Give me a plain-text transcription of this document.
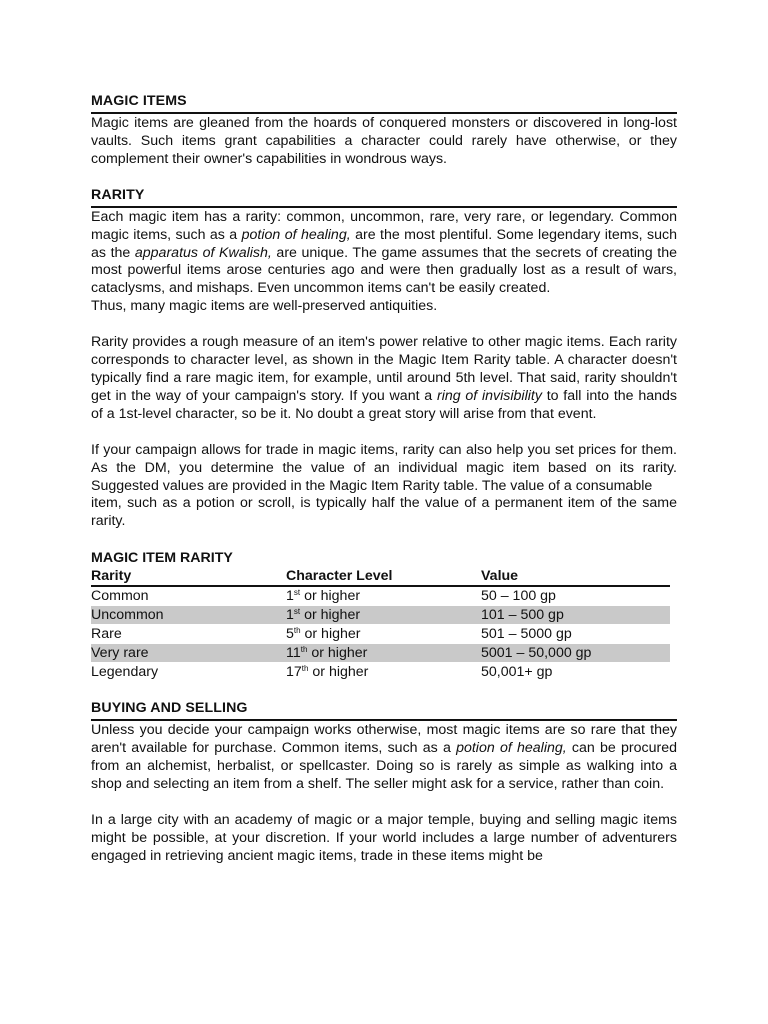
MAGIC ITEMS

Magic items are gleaned from the hoards of conquered monsters or discovered in long-lost vaults. Such items grant capabilities a character could rarely have otherwise, or they complement their owner's capabilities in wondrous ways.

RARITY

Each magic item has a rarity: common, uncommon, rare, very rare, or legendary. Common magic items, such as a potion of healing, are the most plentiful. Some legendary items, such as the apparatus of Kwalish, are unique. The game assumes that the secrets of creating the most powerful items arose centuries ago and were then gradually lost as a result of wars, cataclysms, and mishaps. Even uncommon items can't be easily created.

Thus, many magic items are well-preserved antiquities.

Rarity provides a rough measure of an item's power relative to other magic items. Each rarity corresponds to character level, as shown in the Magic Item Rarity table. A character doesn't typically find a rare magic item, for example, until around 5th level. That said, rarity shouldn't get in the way of your campaign's story. If you want a ring of invisibility to fall into the hands of a 1st-level character, so be it. No doubt a great story will arise from that event.

If your campaign allows for trade in magic items, rarity can also help you set prices for them. As the DM, you determine the value of an individual magic item based on its rarity. Suggested values are provided in the Magic Item Rarity table. The value of a consumable

item, such as a potion or scroll, is typically half the value of a permanent item of the same rarity.

MAGIC ITEM RARITY
Rarity	Character Level	Value
Common	1st or higher	50 – 100 gp
Uncommon	1st or higher	101 – 500 gp
Rare	5th or higher	501 – 5000 gp
Very rare	11th or higher	5001 – 50,000 gp
Legendary	17th or higher	50,001+ gp
BUYING AND SELLING

Unless you decide your campaign works otherwise, most magic items are so rare that they aren't available for purchase. Common items, such as a potion of healing, can be procured from an alchemist, herbalist, or spellcaster. Doing so is rarely as simple as walking into a shop and selecting an item from a shelf. The seller might ask for a service, rather than coin.

In a large city with an academy of magic or a major temple, buying and selling magic items might be possible, at your discretion. If your world includes a large number of adventurers engaged in retrieving ancient magic items, trade in these items might be
